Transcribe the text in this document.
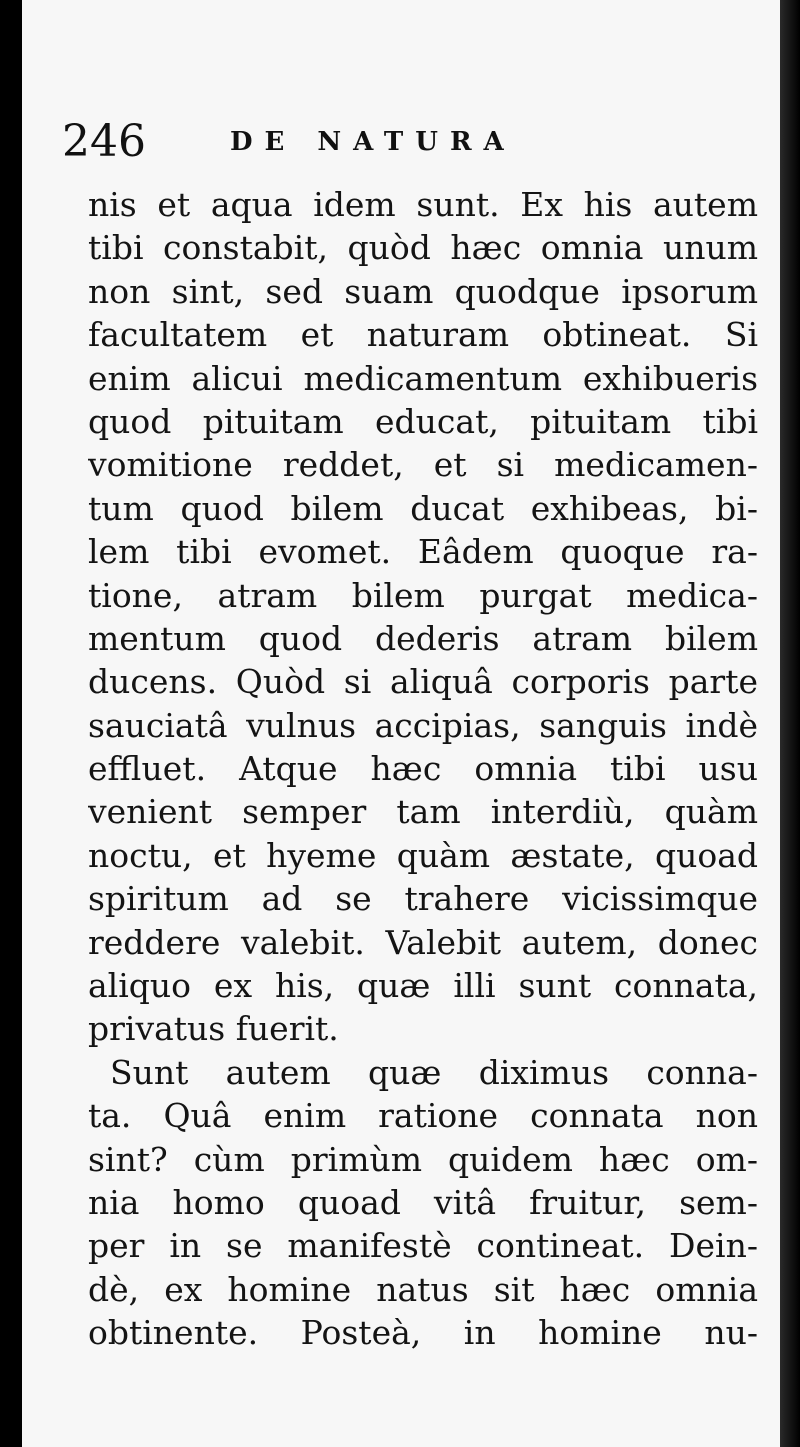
246	DE NATURA
nis et aqua idem sunt. Ex his autem
tibi constabit, quòd hæc omnia unum
non sint, sed suam quodque ipsorum
facultatem et naturam obtineat. Si
enim alicui medicamentum exhibueris
quod pituitam educat, pituitam tibi
vomitione reddet, et si medicamen-
tum quod bilem ducat exhibeas, bi-
lem tibi evomet. Eâdem quoque ra-
tione, atram bilem purgat medica-
mentum quod dederis atram bilem
ducens. Quòd si aliquâ corporis parte
sauciatâ vulnus accipias, sanguis indè
effluet. Atque hæc omnia tibi usu
venient semper tam interdiù, quàm
noctu, et hyeme quàm æstate, quoad
spiritum ad se trahere vicissimque
reddere valebit. Valebit autem, donec
aliquo ex his, quæ illi sunt connata,
privatus fuerit.
Sunt autem quæ diximus conna-
ta. Quâ enim ratione connata non
sint? cùm primùm quidem hæc om-
nia homo quoad vitâ fruitur, sem-
per in se manifestè contineat. Dein-
dè, ex homine natus sit hæc omnia
obtinente. Posteà, in homine nu-
